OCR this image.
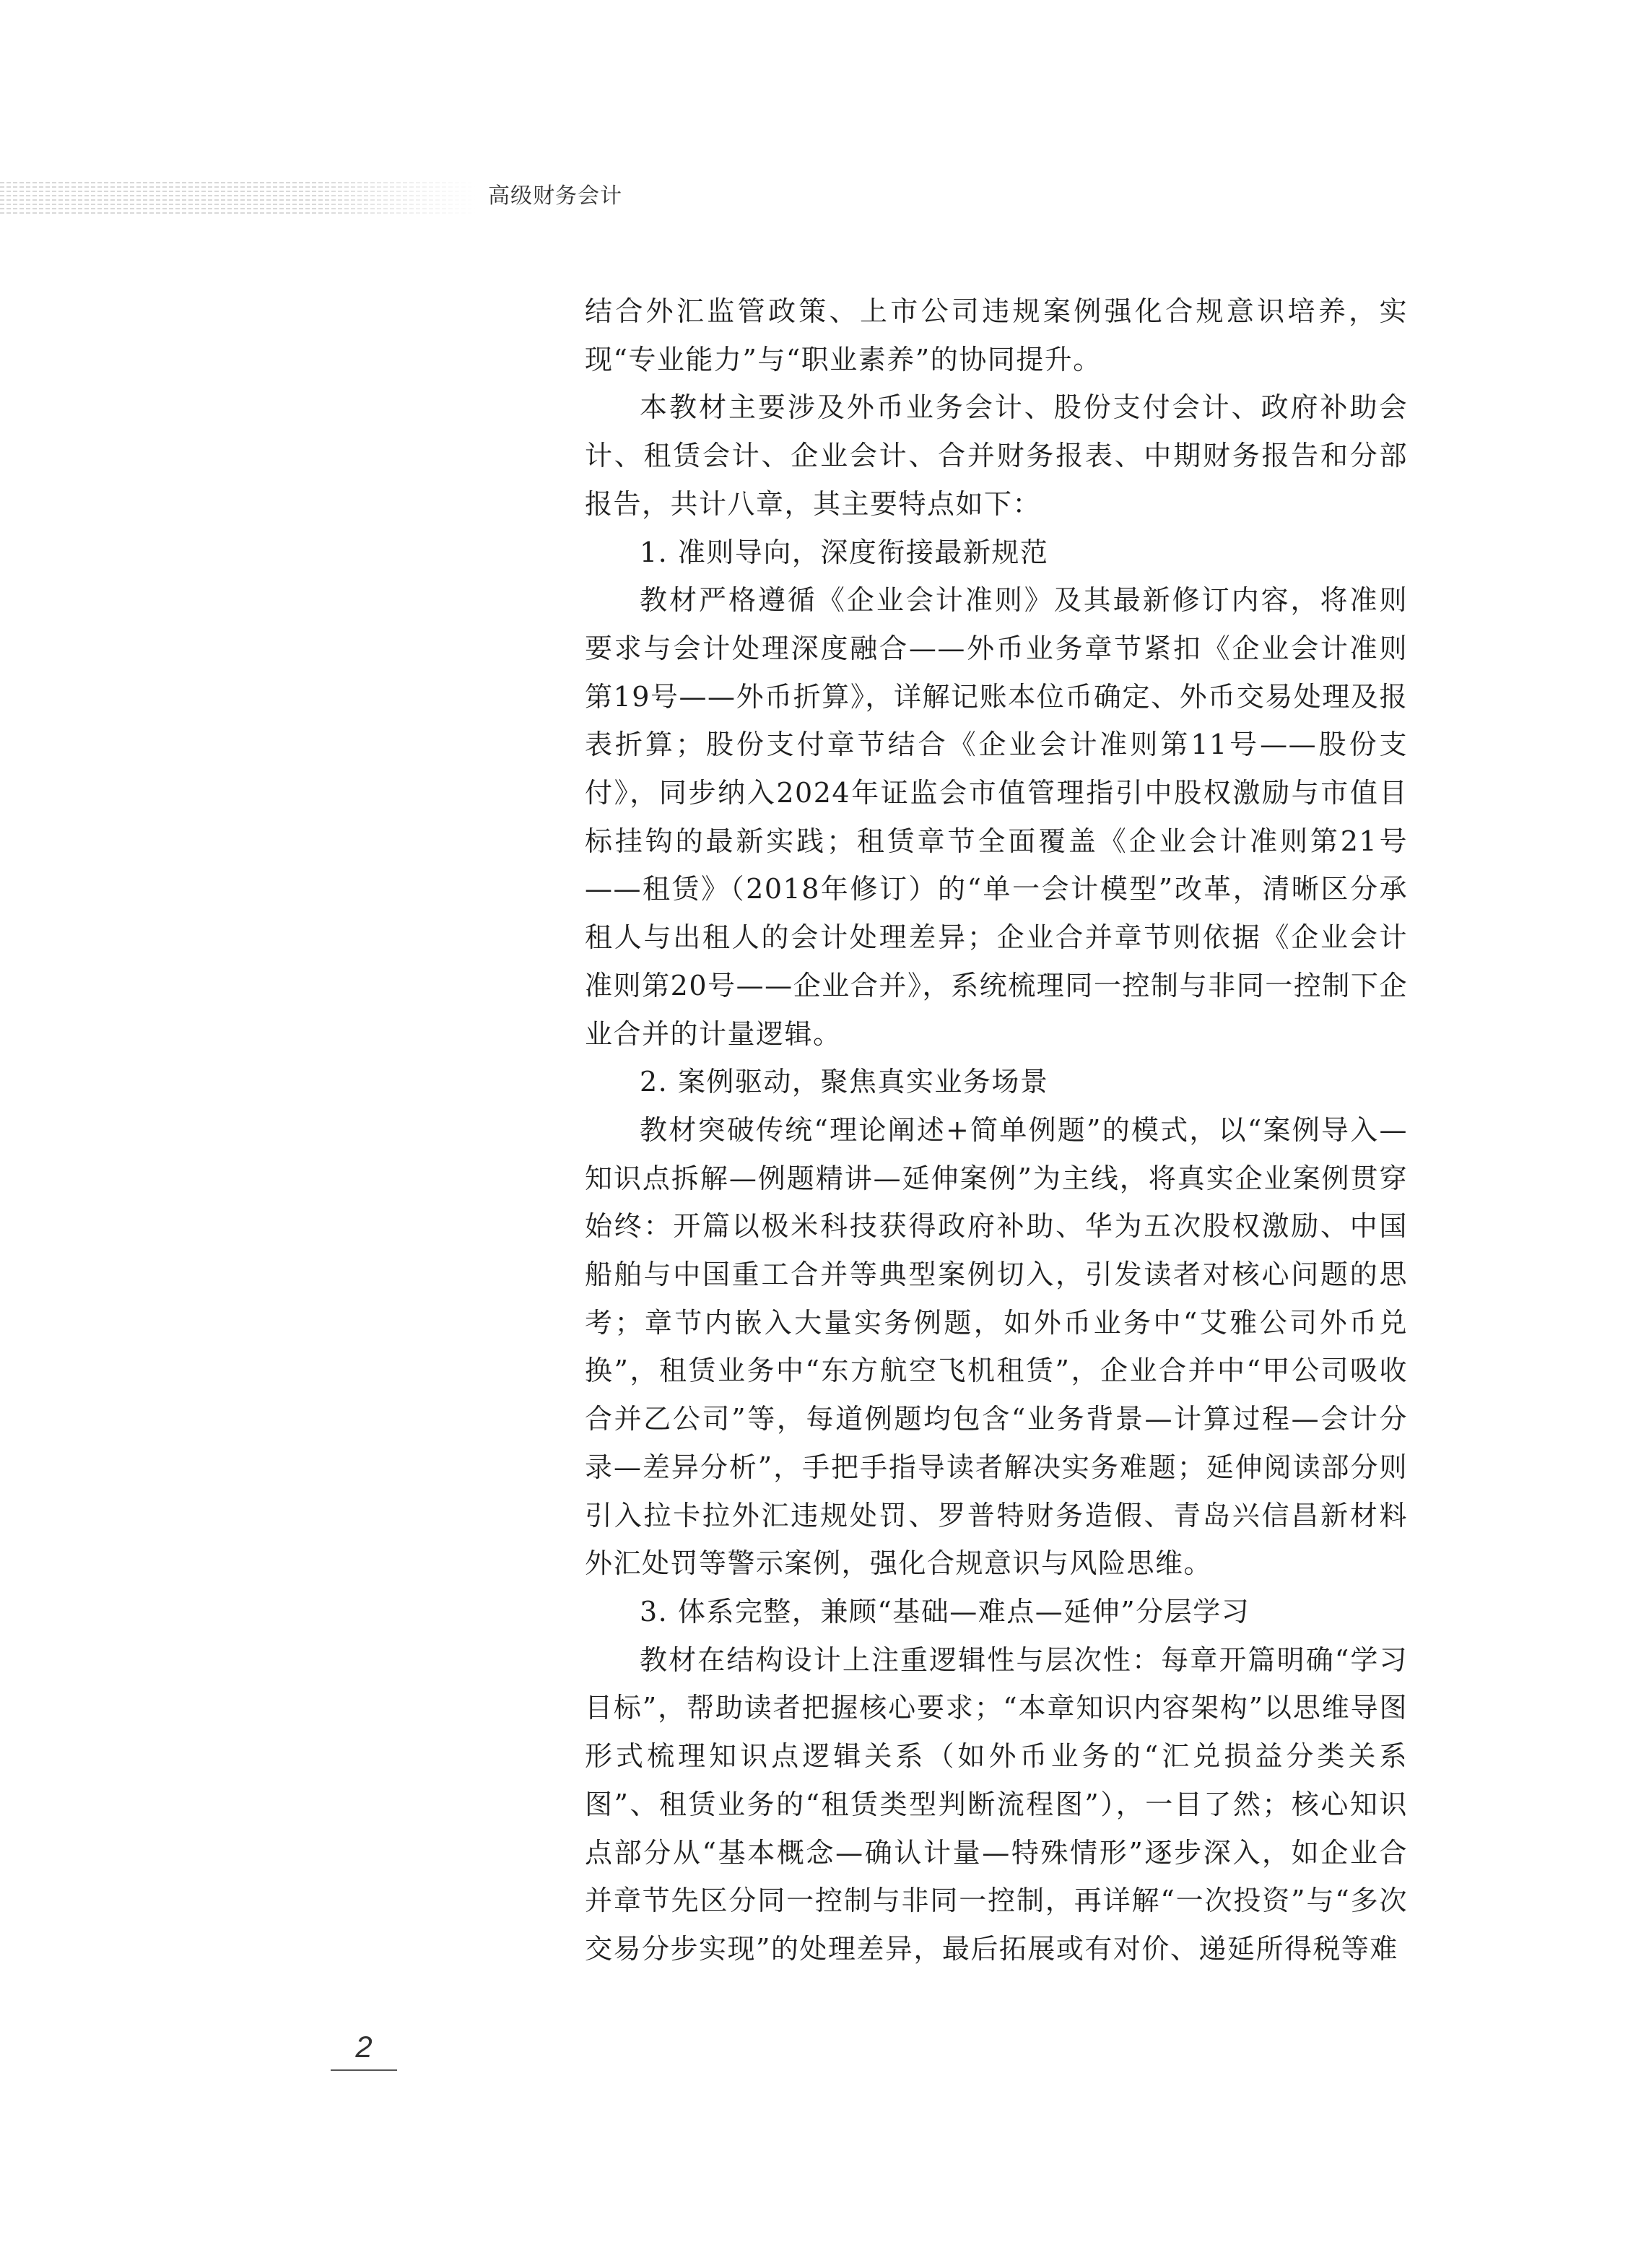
高级财务会计

结合外汇监管政策、上市公司违规案例强化合规意识培养，实现“专业能力”与“职业素养”的协同提升。

本教材主要涉及外币业务会计、股份支付会计、政府补助会计、租赁会计、企业会计、合并财务报表、中期财务报告和分部报告，共计八章，其主要特点如下：

1. 准则导向，深度衔接最新规范

教材严格遵循《企业会计准则》及其最新修订内容，将准则要求与会计处理深度融合——外币业务章节紧扣《企业会计准则第19号——外币折算》，详解记账本位币确定、外币交易处理及报表折算；股份支付章节结合《企业会计准则第11号——股份支付》，同步纳入2024年证监会市值管理指引中股权激励与市值目标挂钩的最新实践；租赁章节全面覆盖《企业会计准则第21号——租赁》（2018年修订）的“单一会计模型”改革，清晰区分承租人与出租人的会计处理差异；企业合并章节则依据《企业会计准则第20号——企业合并》，系统梳理同一控制与非同一控制下企业合并的计量逻辑。

2. 案例驱动，聚焦真实业务场景

教材突破传统“理论阐述+简单例题”的模式，以“案例导入—知识点拆解—例题精讲—延伸案例”为主线，将真实企业案例贯穿始终：开篇以极米科技获得政府补助、华为五次股权激励、中国船舶与中国重工合并等典型案例切入，引发读者对核心问题的思考；章节内嵌入大量实务例题，如外币业务中“艾雅公司外币兑换”，租赁业务中“东方航空飞机租赁”，企业合并中“甲公司吸收合并乙公司”等，每道例题均包含“业务背景—计算过程—会计分录—差异分析”，手把手指导读者解决实务难题；延伸阅读部分则引入拉卡拉外汇违规处罚、罗普特财务造假、青岛兴信昌新材料外汇处罚等警示案例，强化合规意识与风险思维。

3. 体系完整，兼顾“基础—难点—延伸”分层学习

教材在结构设计上注重逻辑性与层次性：每章开篇明确“学习目标”，帮助读者把握核心要求；“本章知识内容架构”以思维导图形式梳理知识点逻辑关系（如外币业务的“汇兑损益分类关系图”、租赁业务的“租赁类型判断流程图”），一目了然；核心知识点部分从“基本概念—确认计量—特殊情形”逐步深入，如企业合并章节先区分同一控制与非同一控制，再详解“一次投资”与“多次交易分步实现”的处理差异，最后拓展或有对价、递延所得税等难

2
